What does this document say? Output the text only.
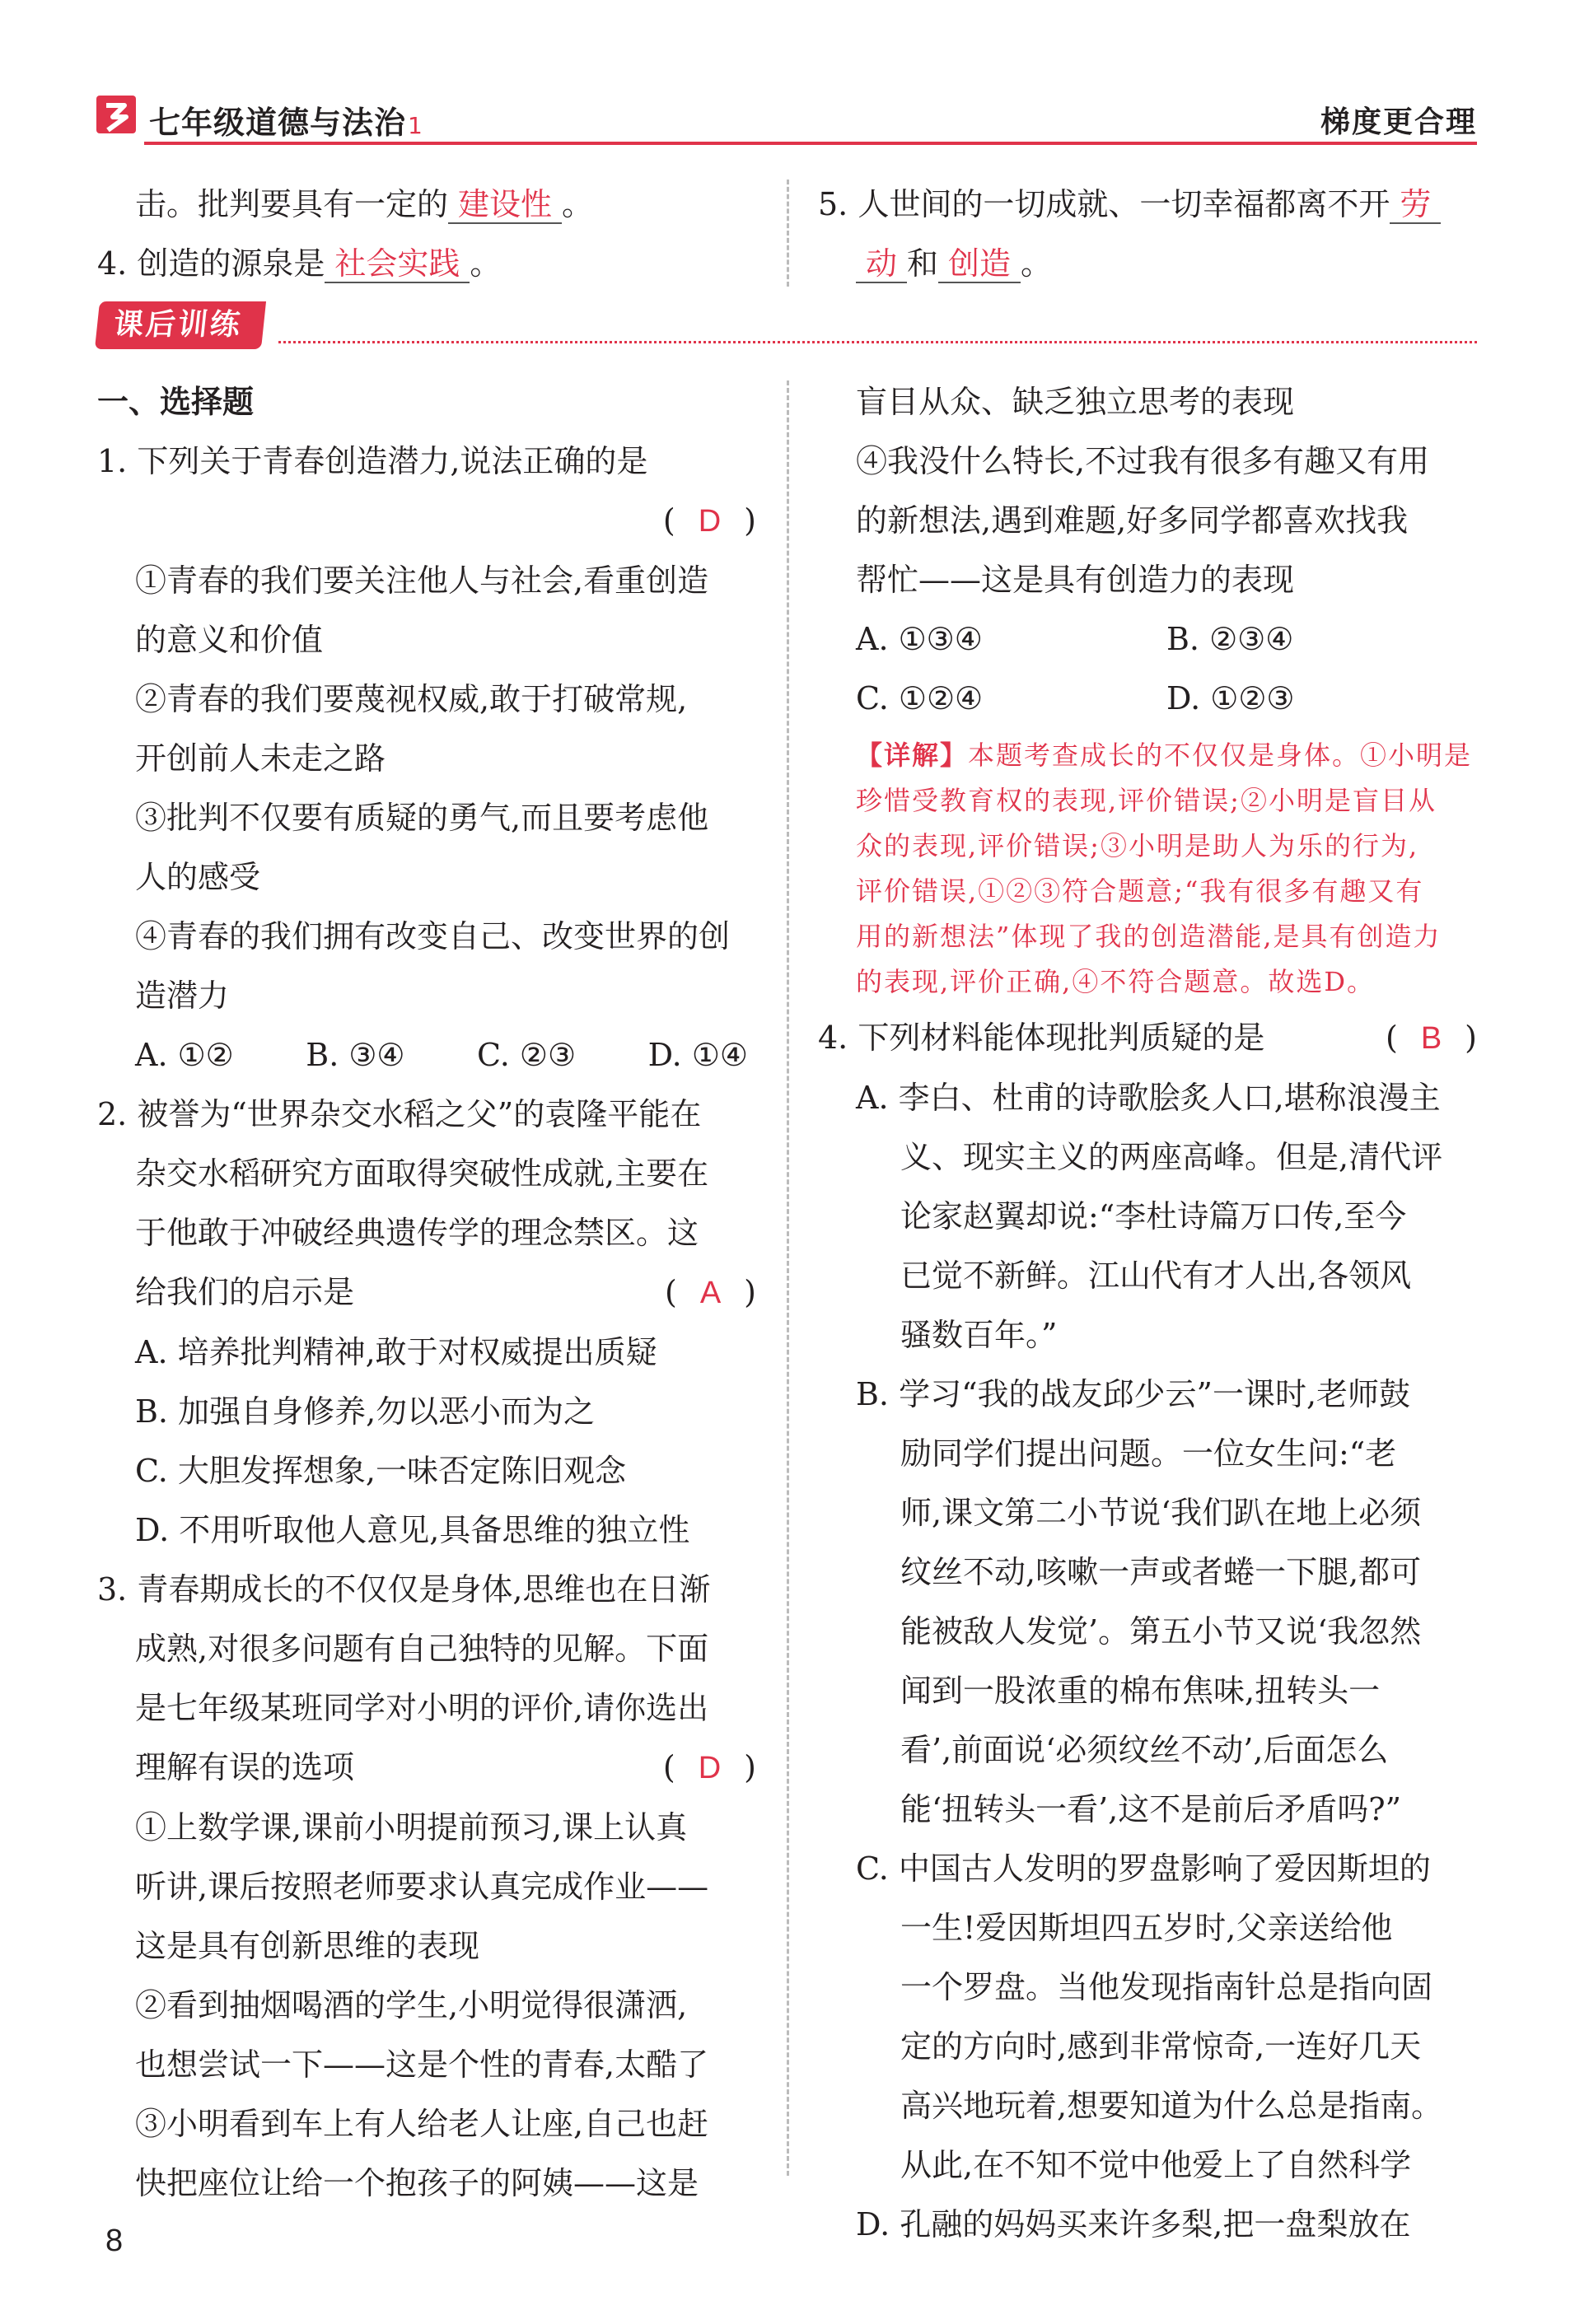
七年级道德与法治1	梯度更合理
击。批判要具有一定的 建设性 。
4. 创造的源泉是 社会实践 。
5. 人世间的一切成就、一切幸福都离不开 劳
动 和 创造 。
课后训练
一、选择题
1. 下列关于青春创造潜力,说法正确的是
( D )
①青春的我们要关注他人与社会,看重创造
的意义和价值
②青春的我们要蔑视权威,敢于打破常规,
开创前人未走之路
③批判不仅要有质疑的勇气,而且要考虑他
人的感受
④青春的我们拥有改变自己、改变世界的创
造潜力
A. ①② B. ③④ C. ②③ D. ①④
2. 被誉为“世界杂交水稻之父”的袁隆平能在
杂交水稻研究方面取得突破性成就,主要在
于他敢于冲破经典遗传学的理念禁区。这
给我们的启示是	( A )
A. 培养批判精神,敢于对权威提出质疑
B. 加强自身修养,勿以恶小而为之
C. 大胆发挥想象,一味否定陈旧观念
D. 不用听取他人意见,具备思维的独立性
3. 青春期成长的不仅仅是身体,思维也在日渐
成熟,对很多问题有自己独特的见解。下面
是七年级某班同学对小明的评价,请你选出
理解有误的选项	( D )
①上数学课,课前小明提前预习,课上认真
听讲,课后按照老师要求认真完成作业——
这是具有创新思维的表现
②看到抽烟喝酒的学生,小明觉得很潇洒,
也想尝试一下——这是个性的青春,太酷了
③小明看到车上有人给老人让座,自己也赶
快把座位让给一个抱孩子的阿姨——这是
盲目从众、缺乏独立思考的表现
④我没什么特长,不过我有很多有趣又有用
的新想法,遇到难题,好多同学都喜欢找我
帮忙——这是具有创造力的表现
A. ①③④	B. ②③④
C. ①②④	D. ①②③
【详解】本题考查成长的不仅仅是身体。①小明是
珍惜受教育权的表现,评价错误;②小明是盲目从
众的表现,评价错误;③小明是助人为乐的行为,
评价错误,①②③符合题意;“我有很多有趣又有
用的新想法”体现了我的创造潜能,是具有创造力
的表现,评价正确,④不符合题意。故选D。
4. 下列材料能体现批判质疑的是	( B )
A. 李白、杜甫的诗歌脍炙人口,堪称浪漫主
义、现实主义的两座高峰。但是,清代评
论家赵翼却说:“李杜诗篇万口传,至今
已觉不新鲜。江山代有才人出,各领风
骚数百年。”
B. 学习“我的战友邱少云”一课时,老师鼓
励同学们提出问题。一位女生问:“老
师,课文第二小节说‘我们趴在地上必须
纹丝不动,咳嗽一声或者蜷一下腿,都可
能被敌人发觉’。第五小节又说‘我忽然
闻到一股浓重的棉布焦味,扭转头一
看’,前面说‘必须纹丝不动’,后面怎么
能‘扭转头一看’,这不是前后矛盾吗?”
C. 中国古人发明的罗盘影响了爱因斯坦的
一生!爱因斯坦四五岁时,父亲送给他
一个罗盘。当他发现指南针总是指向固
定的方向时,感到非常惊奇,一连好几天
高兴地玩着,想要知道为什么总是指南。
从此,在不知不觉中他爱上了自然科学
D. 孔融的妈妈买来许多梨,把一盘梨放在
8
